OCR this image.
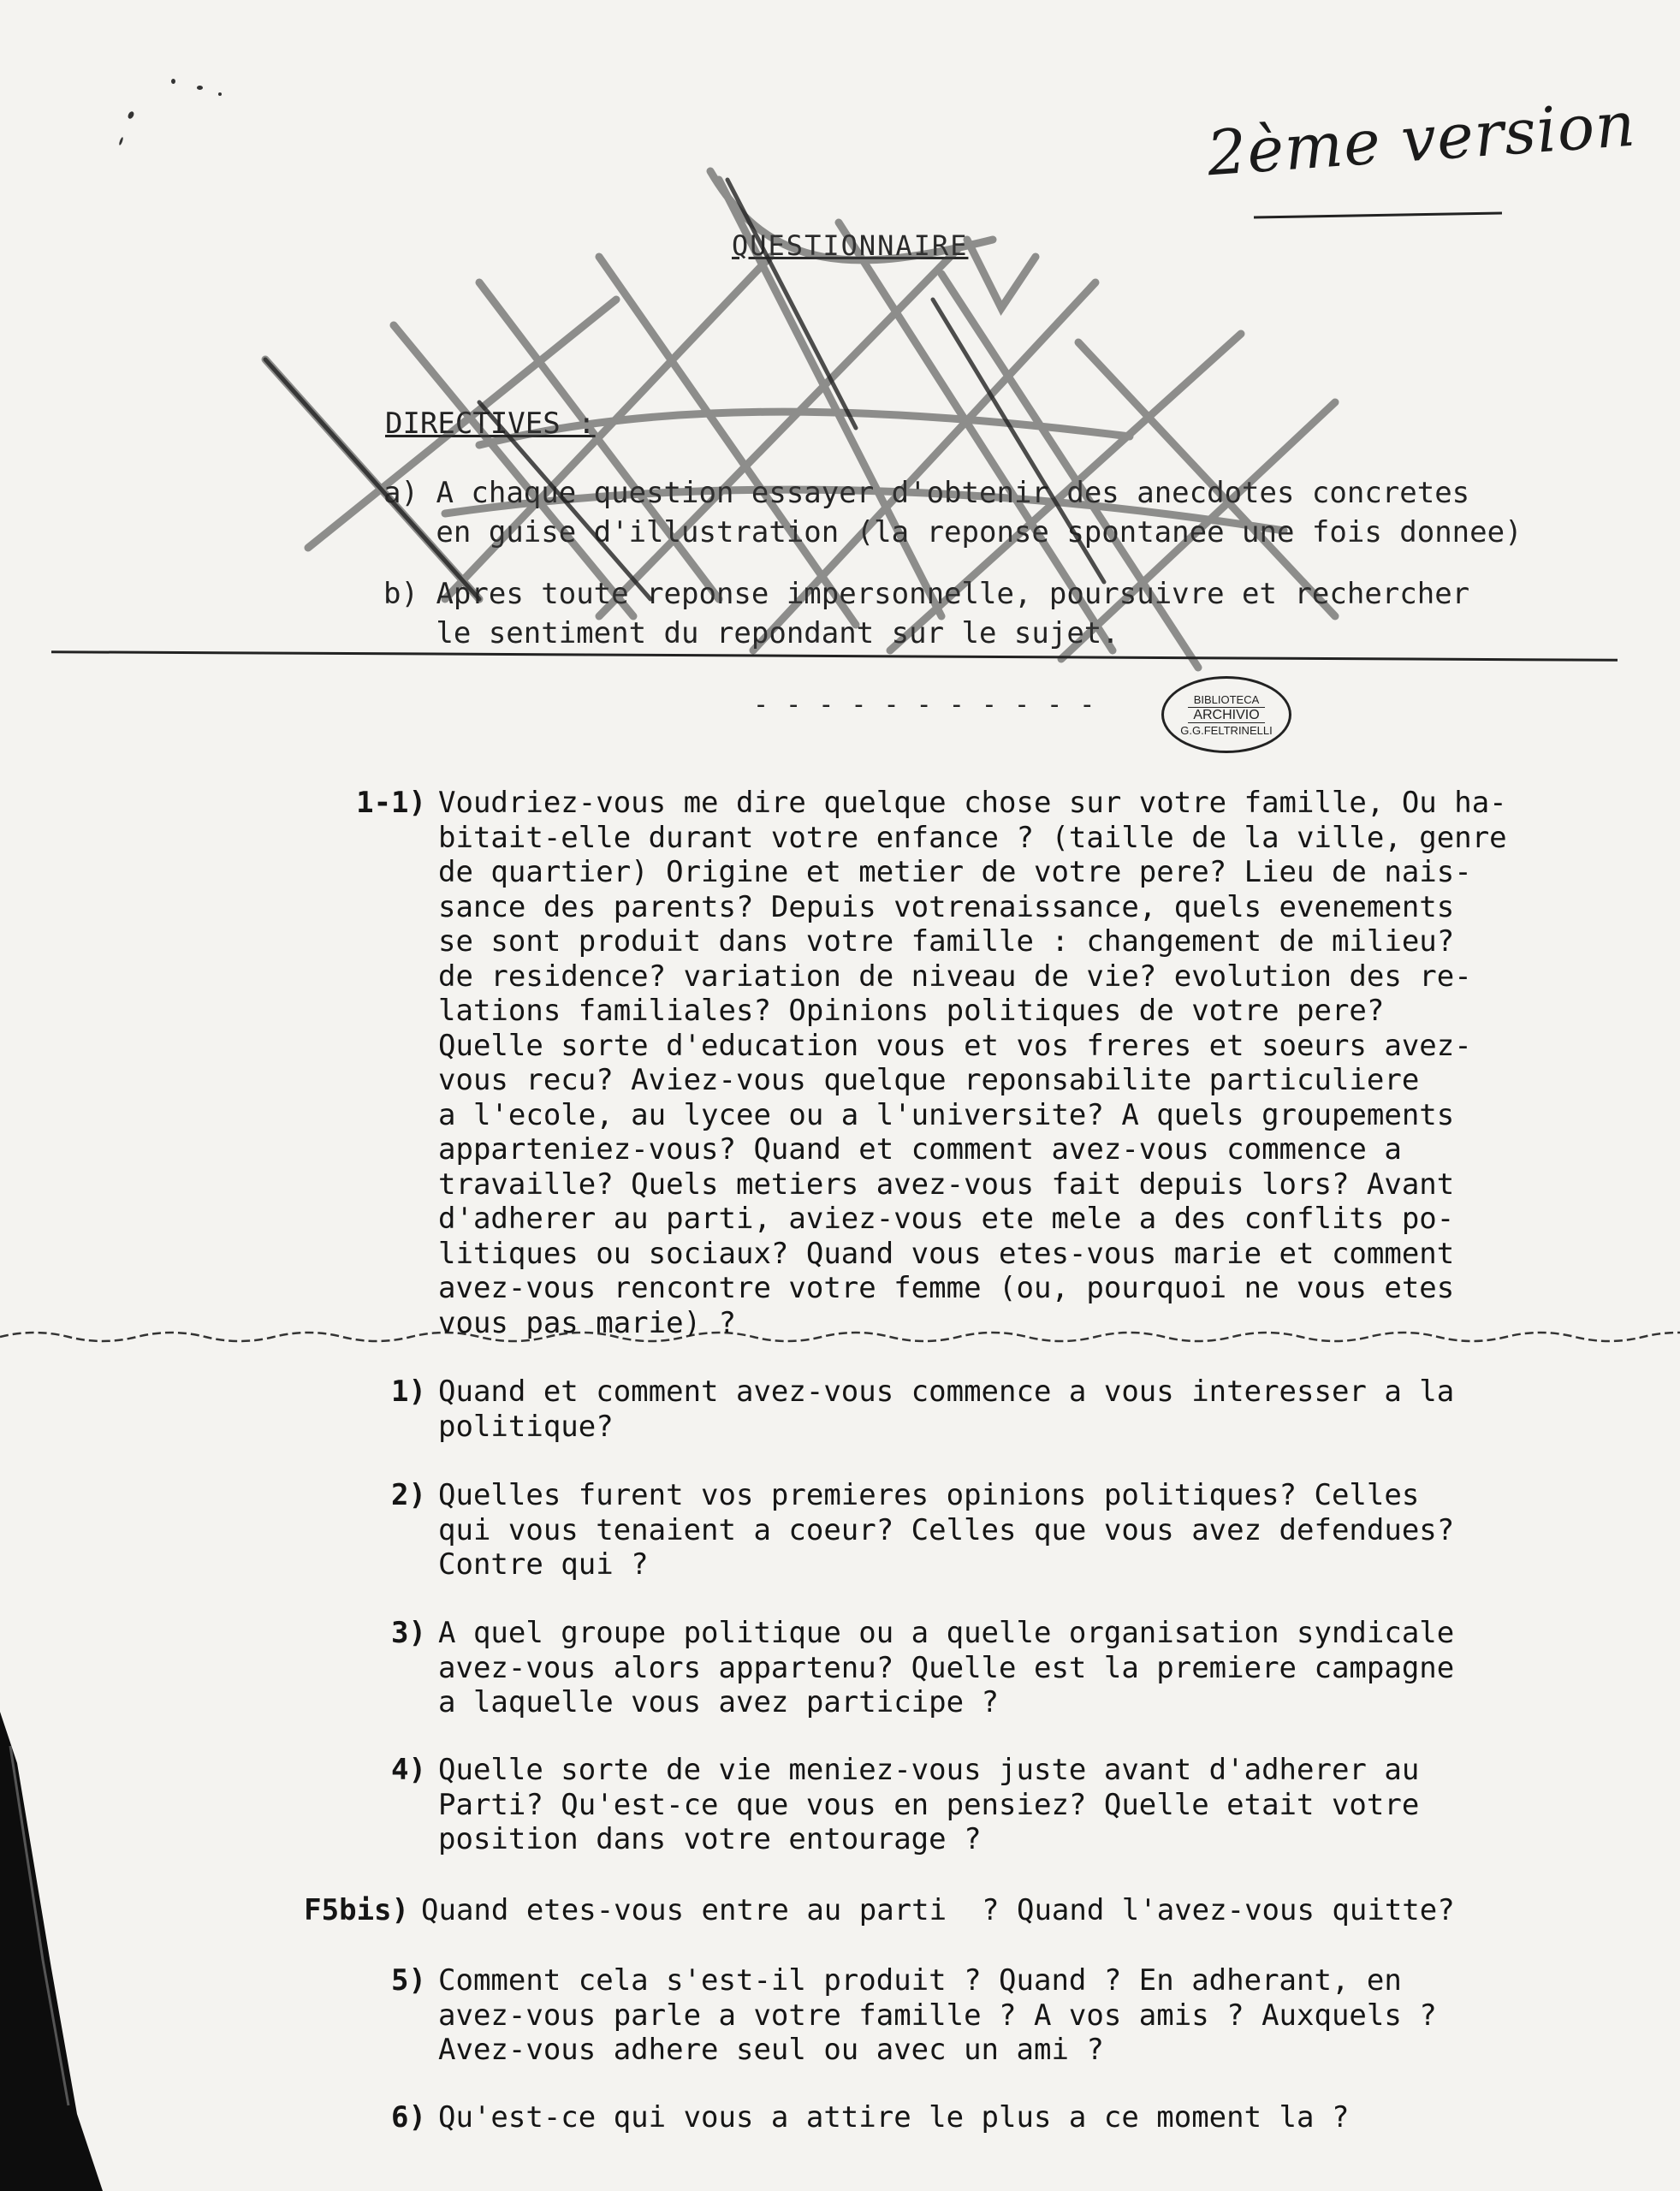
2ème version
QUESTIONNAIRE
DIRECTIVES :
a) A chaque question essayer d'obtenir des anecdotes concretes
en guise d'illustration (la reponse spontanee une fois donnee)
b) Apres toute reponse impersonnelle, poursuivre et rechercher
le sentiment du repondant sur le sujet.
- - - - - - - - - - -	BIBLIOTECA
ARCHIVIO
G.G.FELTRINELLI
1-1) Voudriez-vous me dire quelque chose sur votre famille, Ou ha-
bitait-elle durant votre enfance ? (taille de la ville, genre
de quartier) Origine et metier de votre pere? Lieu de nais-
sance des parents? Depuis votrenaissance, quels evenements
se sont produit dans votre famille : changement de milieu?
de residence? variation de niveau de vie? evolution des re-
lations familiales? Opinions politiques de votre pere?
Quelle sorte d'education vous et vos freres et soeurs avez-
vous recu? Aviez-vous quelque reponsabilite particuliere
a l'ecole, au lycee ou a l'universite? A quels groupements
apparteniez-vous? Quand et comment avez-vous commence a
travaille? Quels metiers avez-vous fait depuis lors? Avant
d'adherer au parti, aviez-vous ete mele a des conflits po-
litiques ou sociaux? Quand vous etes-vous marie et comment
avez-vous rencontre votre femme (ou, pourquoi ne vous etes
vous pas marie) ?
1) Quand et comment avez-vous commence a vous interesser a la
politique?
2) Quelles furent vos premieres opinions politiques? Celles
qui vous tenaient a coeur? Celles que vous avez defendues?
Contre qui ?
3) A quel groupe politique ou a quelle organisation syndicale
avez-vous alors appartenu? Quelle est la premiere campagne
a laquelle vous avez participe ?
4) Quelle sorte de vie meniez-vous juste avant d'adherer au
Parti? Qu'est-ce que vous en pensiez? Quelle etait votre
position dans votre entourage ?
F5bis) Quand etes-vous entre au parti  ? Quand l'avez-vous quitte?
5) Comment cela s'est-il produit ? Quand ? En adherant, en
avez-vous parle a votre famille ? A vos amis ? Auxquels ?
Avez-vous adhere seul ou avec un ami ?
6) Qu'est-ce qui vous a attire le plus a ce moment la ?
